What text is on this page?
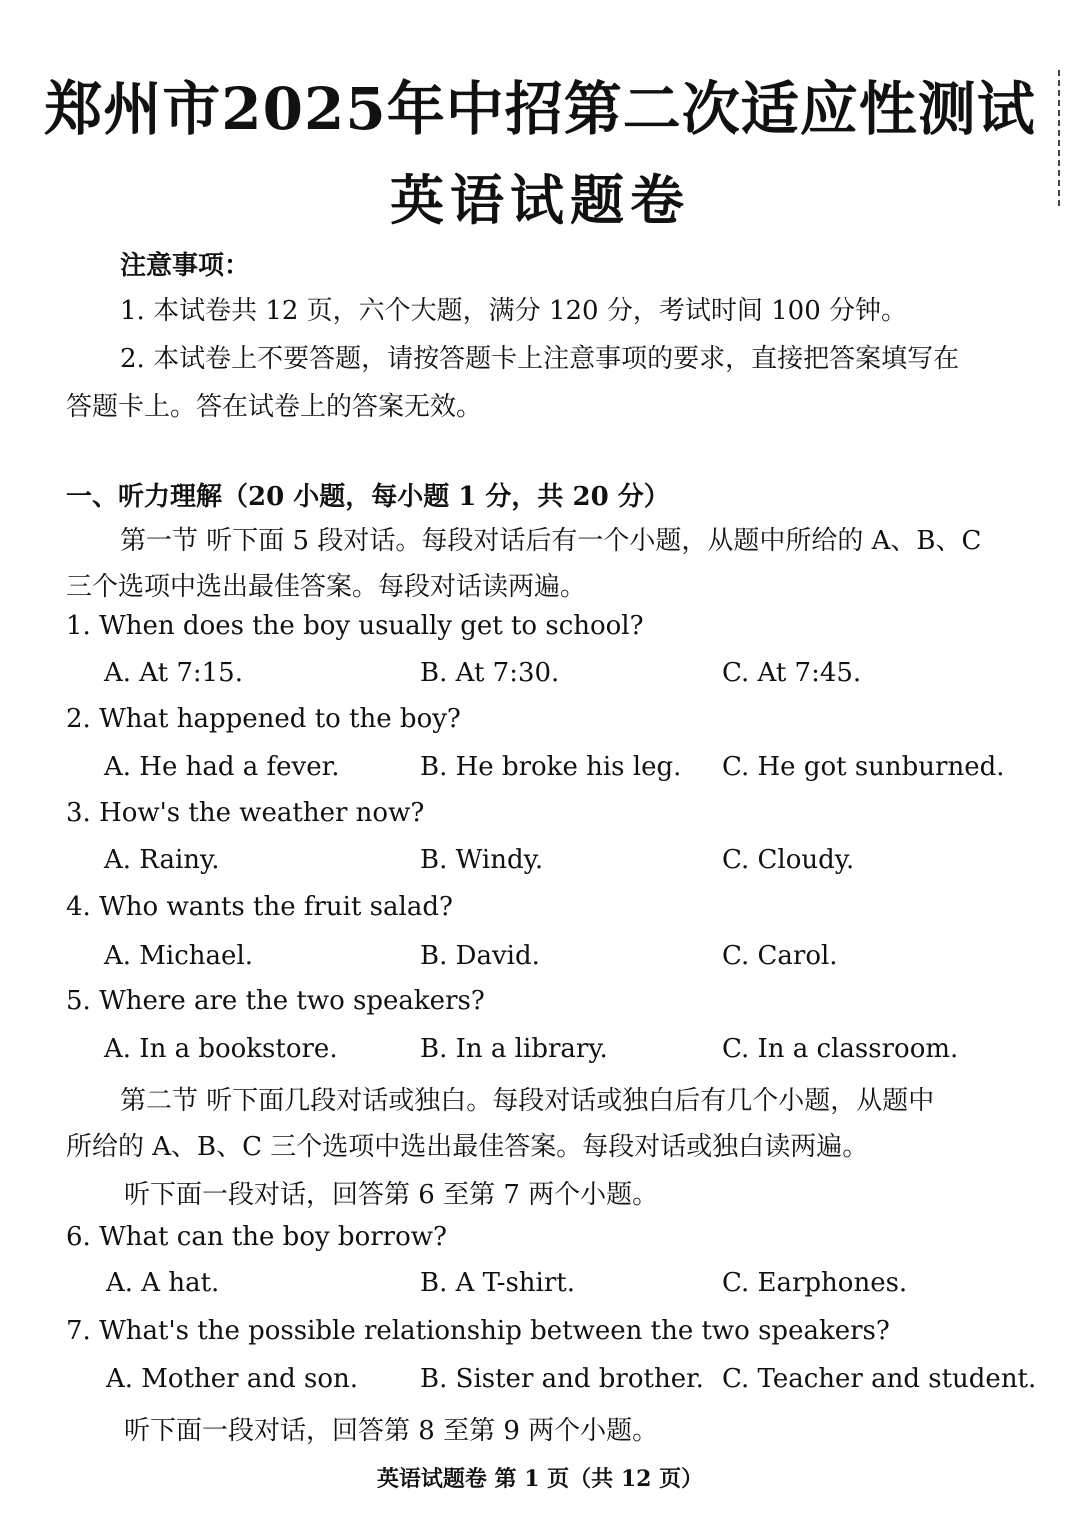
郑州市2025年中招第二次适应性测试
英语试题卷
注意事项：
1. 本试卷共 12 页，六个大题，满分 120 分，考试时间 100 分钟。
2. 本试卷上不要答题，请按答题卡上注意事项的要求，直接把答案填写在
答题卡上。答在试卷上的答案无效。
一、听力理解（20 小题，每小题 1 分，共 20 分）
第一节 听下面 5 段对话。每段对话后有一个小题，从题中所给的 A、B、C
三个选项中选出最佳答案。每段对话读两遍。
1. When does the boy usually get to school?
A. At 7:15.	B. At 7:30.	C. At 7:45.
2. What happened to the boy?
A. He had a fever.	B. He broke his leg. C. He got sunburned.
3. How's the weather now?
A. Rainy.	B. Windy.	C. Cloudy.
4. Who wants the fruit salad?
A. Michael.	B. David.	C. Carol.
5. Where are the two speakers?
A. In a bookstore.	B. In a library.	C. In a classroom.
第二节 听下面几段对话或独白。每段对话或独白后有几个小题，从题中
所给的 A、B、C 三个选项中选出最佳答案。每段对话或独白读两遍。
听下面一段对话，回答第 6 至第 7 两个小题。
6. What can the boy borrow?
A. A hat.	B. A T-shirt.	C. Earphones.
7. What's the possible relationship between the two speakers?
A. Mother and son. B. Sister and brother. C. Teacher and student.
听下面一段对话，回答第 8 至第 9 两个小题。
英语试题卷 第 1 页（共 12 页）
